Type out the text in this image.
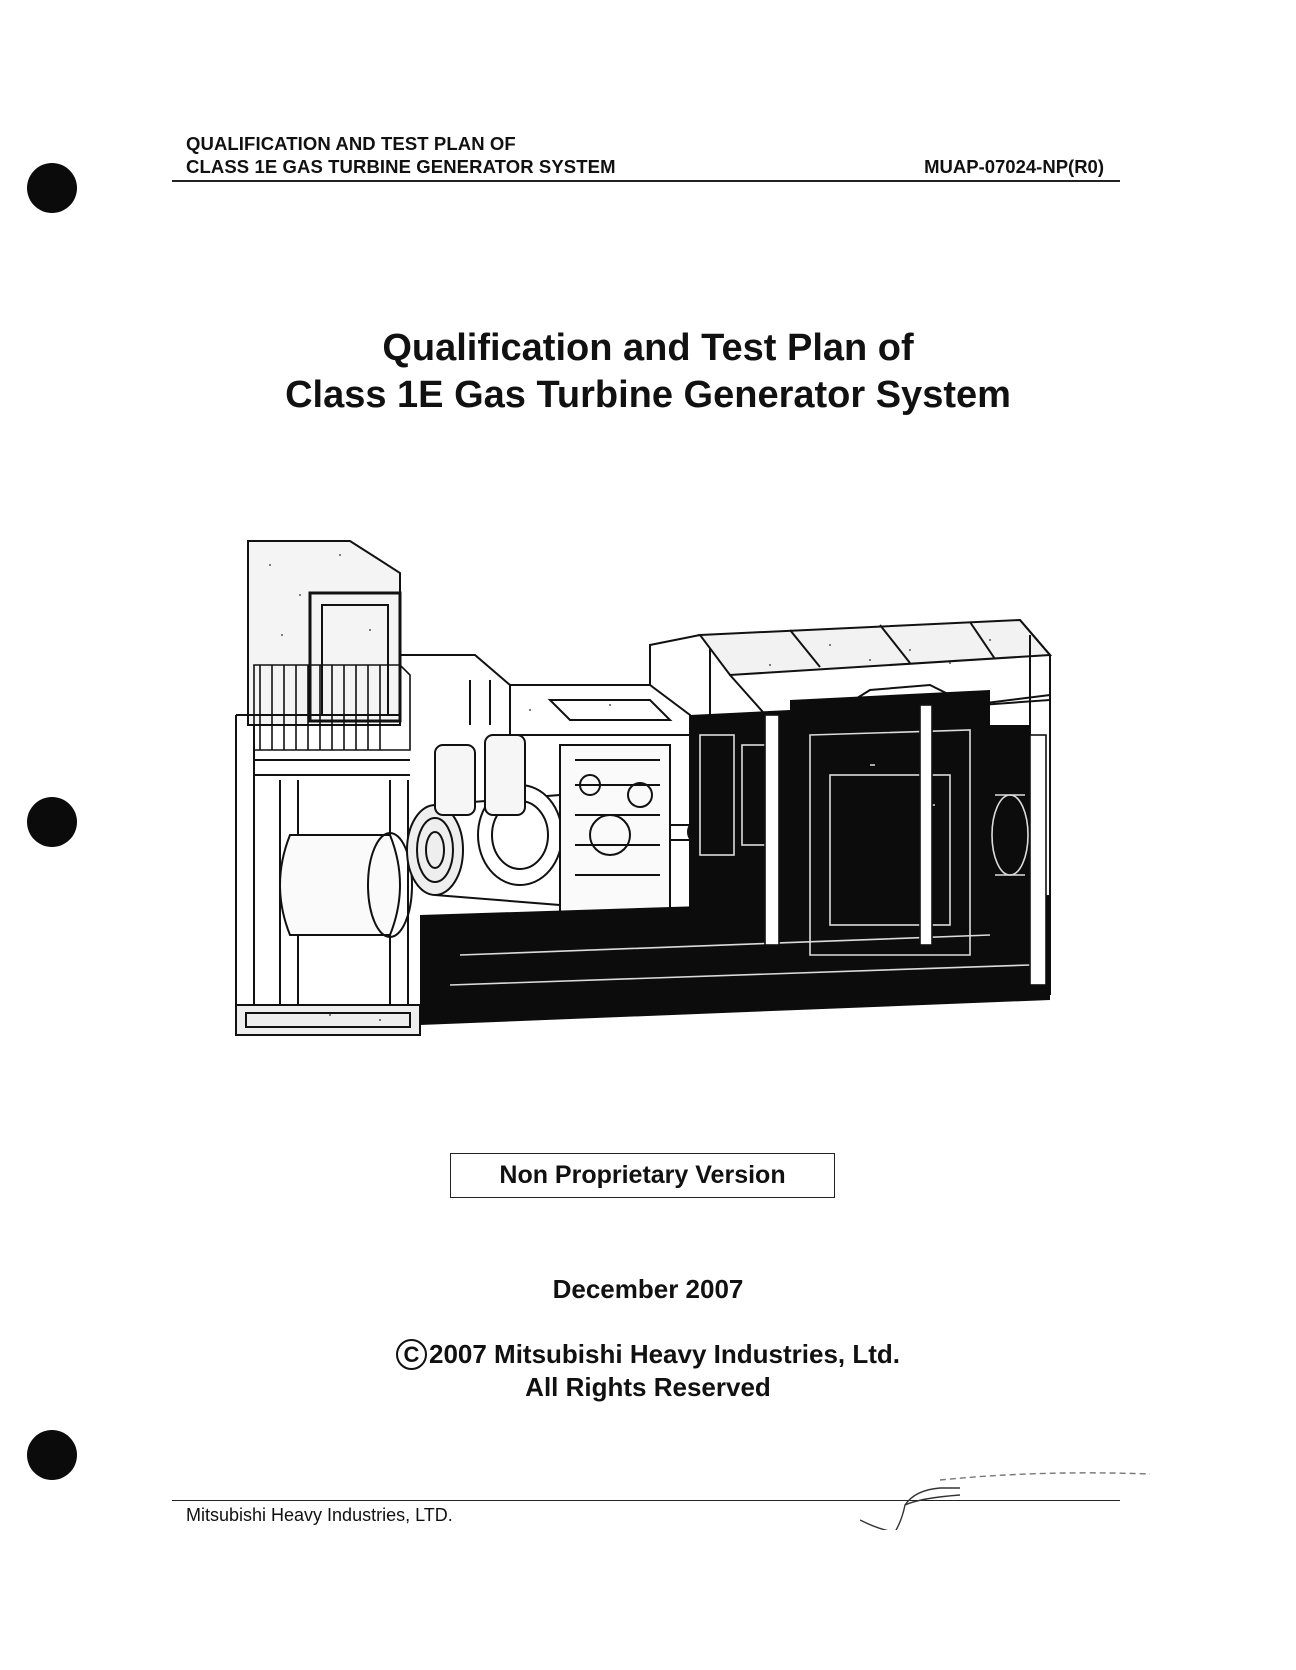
QUALIFICATION AND TEST PLAN OF
CLASS 1E GAS TURBINE GENERATOR SYSTEM	MUAP-07024-NP(R0)
Qualification and Test Plan of
Class 1E Gas Turbine Generator System
Non Proprietary Version
December 2007
C 2007 Mitsubishi Heavy Industries, Ltd.
All Rights Reserved
Mitsubishi Heavy Industries, LTD.
